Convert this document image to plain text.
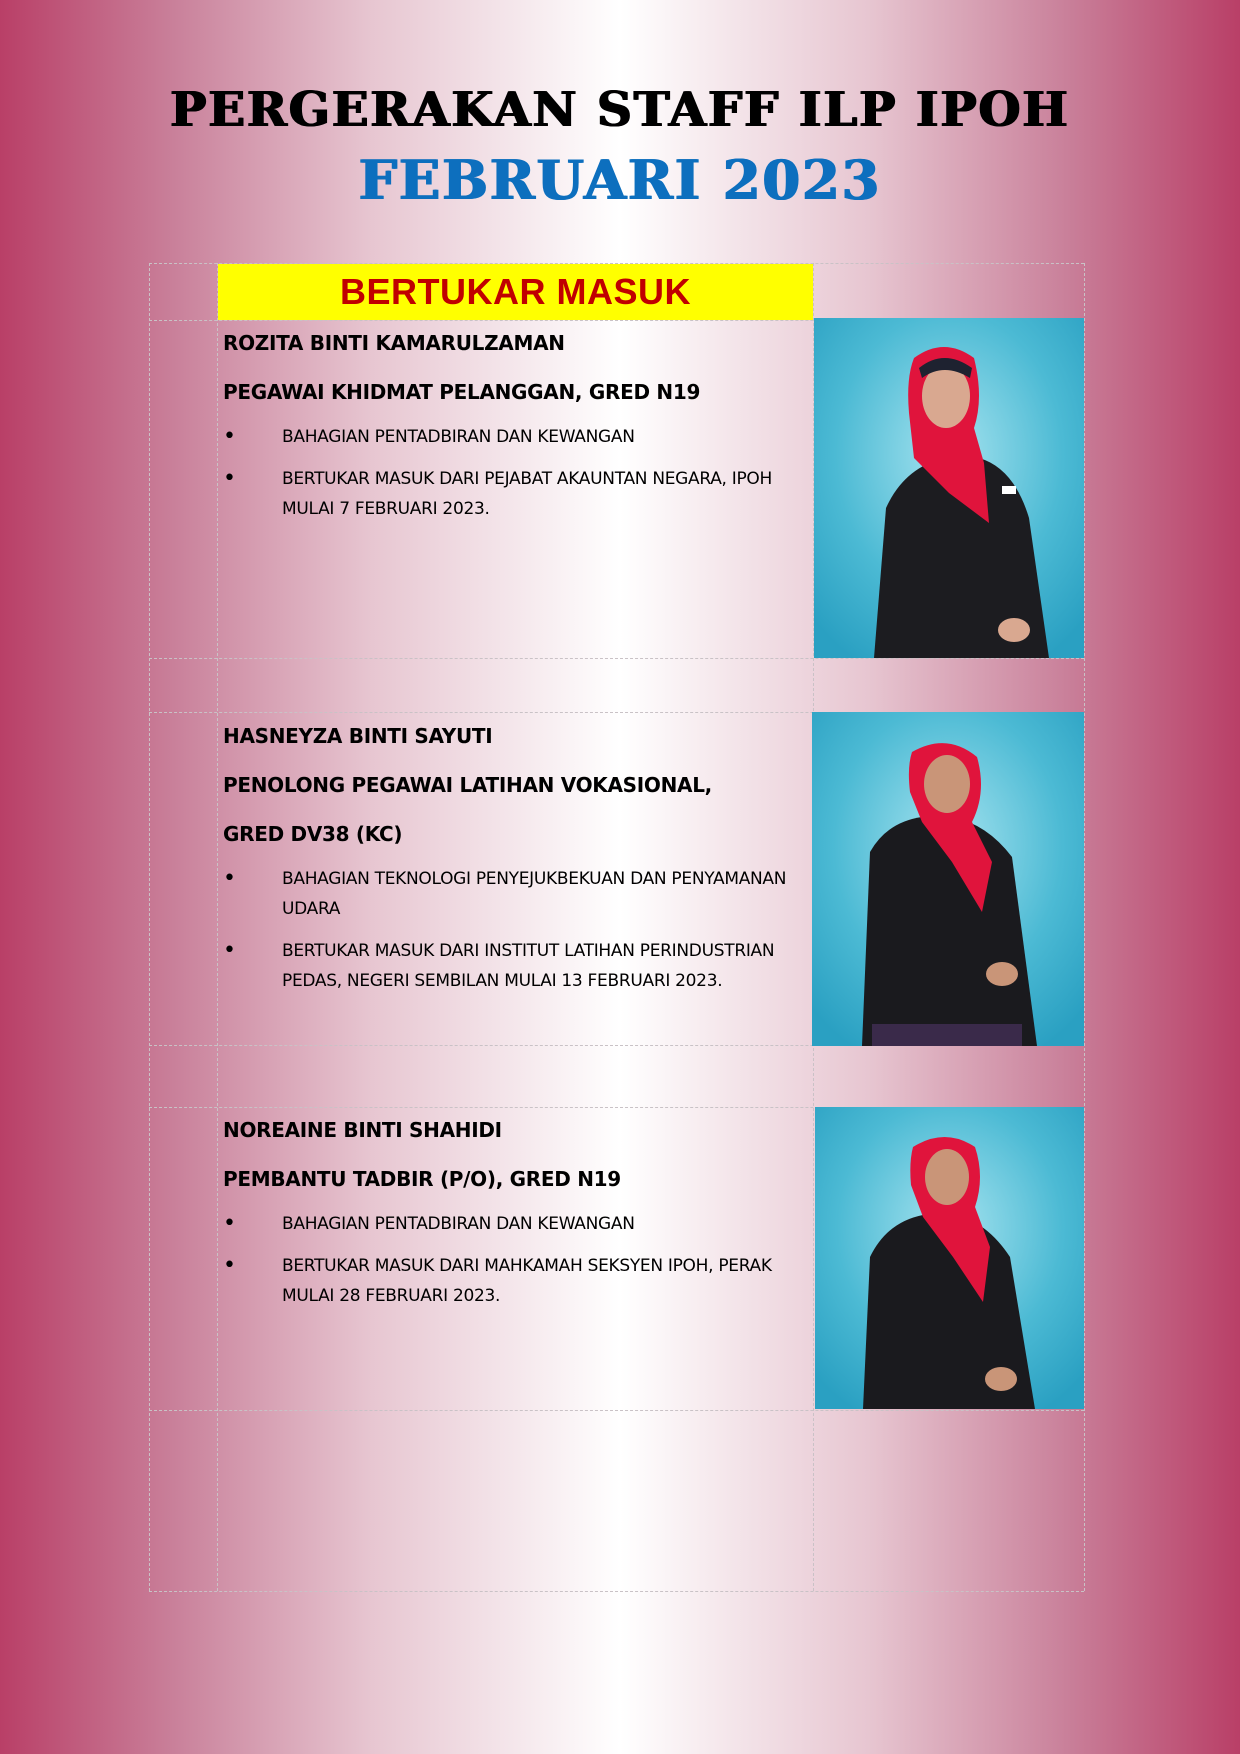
PERGERAKAN STAFF ILP IPOH
FEBRUARI 2023
BERTUKAR MASUK
ROZITA BINTI KAMARULZAMAN
PEGAWAI KHIDMAT PELANGGAN, GRED N19
• BAHAGIAN PENTADBIRAN DAN KEWANGAN
• BERTUKAR MASUK DARI PEJABAT AKAUNTAN NEGARA, IPOH MULAI 7 FEBRUARI 2023.
HASNEYZA BINTI SAYUTI
PENOLONG PEGAWAI LATIHAN VOKASIONAL,
GRED DV38 (KC)
• BAHAGIAN TEKNOLOGI PENYEJUKBEKUAN DAN PENYAMANAN UDARA
• BERTUKAR MASUK DARI INSTITUT LATIHAN PERINDUSTRIAN PEDAS, NEGERI SEMBILAN MULAI 13 FEBRUARI 2023.
NOREAINE BINTI SHAHIDI
PEMBANTU TADBIR (P/O), GRED N19
• BAHAGIAN PENTADBIRAN DAN KEWANGAN
• BERTUKAR MASUK DARI MAHKAMAH SEKSYEN IPOH, PERAK MULAI 28 FEBRUARI 2023.
